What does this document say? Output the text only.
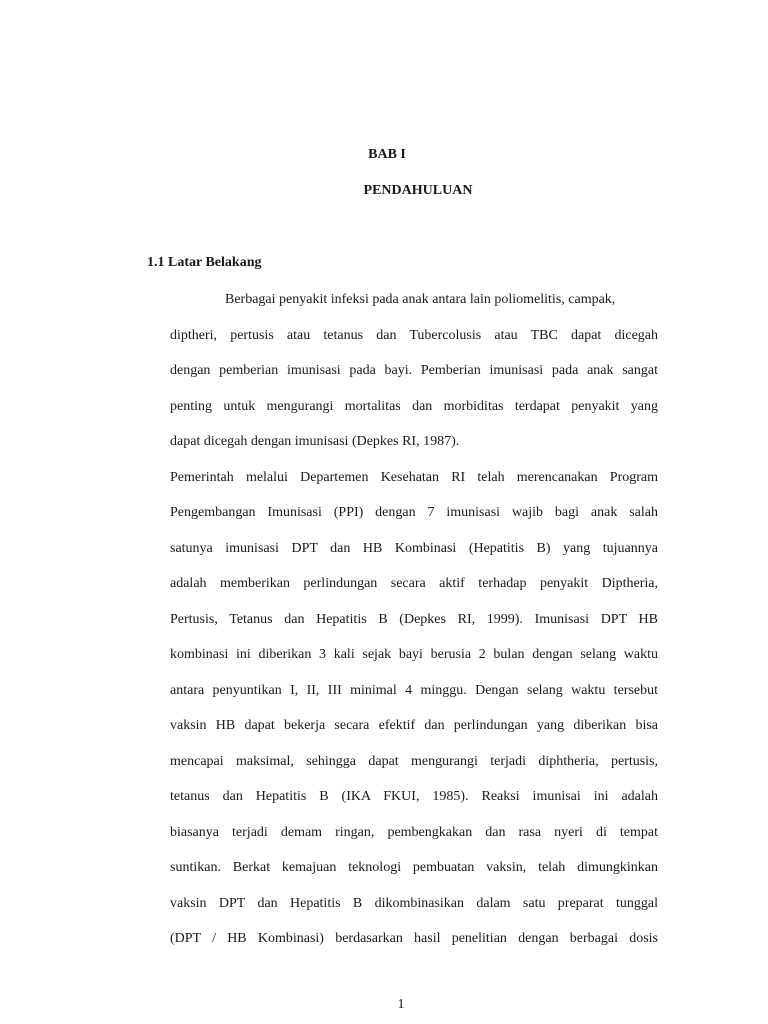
BAB I
PENDAHULUAN
1.1 Latar Belakang
Berbagai penyakit infeksi pada anak antara lain poliomelitis, campak,
diptheri, pertusis atau tetanus dan Tubercolusis atau TBC dapat dicegah
dengan pemberian imunisasi pada bayi. Pemberian imunisasi pada anak sangat
penting untuk mengurangi mortalitas dan morbiditas terdapat penyakit yang
dapat dicegah dengan imunisasi (Depkes RI, 1987).
Pemerintah melalui Departemen Kesehatan RI telah merencanakan Program
Pengembangan Imunisasi (PPI) dengan 7 imunisasi wajib bagi anak salah
satunya imunisasi DPT dan HB Kombinasi (Hepatitis B) yang tujuannya
adalah memberikan perlindungan secara aktif terhadap penyakit Diptheria,
Pertusis, Tetanus dan Hepatitis B (Depkes RI, 1999). Imunisasi DPT HB
kombinasi ini diberikan 3 kali sejak bayi berusia 2 bulan dengan selang waktu
antara penyuntikan I, II, III minimal 4 minggu. Dengan selang waktu tersebut
vaksin HB dapat bekerja secara efektif dan perlindungan yang diberikan bisa
mencapai maksimal, sehingga dapat mengurangi terjadi diphtheria, pertusis,
tetanus dan Hepatitis B (IKA FKUI, 1985). Reaksi imunisai ini adalah
biasanya terjadi demam ringan, pembengkakan dan rasa nyeri di tempat
suntikan. Berkat kemajuan teknologi pembuatan vaksin, telah dimungkinkan
vaksin DPT dan Hepatitis B dikombinasikan dalam satu preparat tunggal
(DPT / HB Kombinasi) berdasarkan hasil penelitian dengan berbagai dosis
1
